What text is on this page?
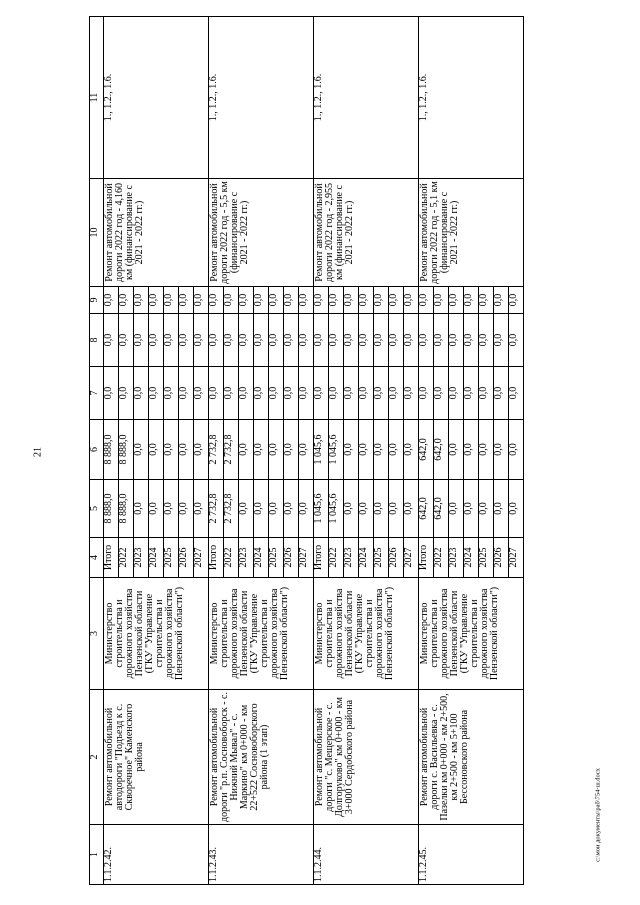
21
c:\мои документы\раб\754-ш.docx
1	2	3	4	5	6	7	8	9	10	11
1.1.2.42.	Ремонт автомобильной автодороги "Подъезд к с. Скворечное" Каменского района	Министерство строительства и дорожного хозяйства Пензенской области (ГКУ "Управление строительства и дорожного хозяйства Пензенской области")	Итого	8 888,0	8 888,0	0,0	0,0	0,0	Ремонт автомобильной дороги 2022 год - 4,160 км (финансирование с 2021 - 2022 гг.)	1., 1.2., 1.6.
			2022	8 888,0	8 888,0	0,0	0,0	0,0		
			2023	0,0	0,0	0,0	0,0	0,0		
			2024	0,0	0,0	0,0	0,0	0,0		
			2025	0,0	0,0	0,0	0,0	0,0		
			2026	0,0	0,0	0,0	0,0	0,0		
			2027	0,0	0,0	0,0	0,0	0,0		
1.1.2.43.	Ремонт автомобильной дороги "р.п. Сосновоборск - с. Нижний Мывал" - с. Маркино" км 0+000 - км 22+522 Сосновоборского района (1 этап)	Министерство строительства и дорожного хозяйства Пензенской области (ГКУ "Управление строительства и дорожного хозяйства Пензенской области")	Итого	2 732,8	2 732,8	0,0	0,0	0,0	Ремонт автомобильной дороги 2022 год - 5,5 км (финансирование с 2021 - 2022 гг.)	1., 1.2., 1.6.
			2022	2 732,8	2 732,8	0,0	0,0	0,0		
			2023	0,0	0,0	0,0	0,0	0,0		
			2024	0,0	0,0	0,0	0,0	0,0		
			2025	0,0	0,0	0,0	0,0	0,0		
			2026	0,0	0,0	0,0	0,0	0,0		
			2027	0,0	0,0	0,0	0,0	0,0		
1.1.2.44.	Ремонт автомобильной дороги "с. Мещерское - с. Долгоруково" км 0+000 - км 3+000 Сердобского района	Министерство строительства и дорожного хозяйства Пензенской области (ГКУ "Управление строительства и дорожного хозяйства Пензенской области")	Итого	1 045,6	1 045,6	0,0	0,0	0,0	Ремонт автомобильной дороги 2022 год - 2,955 км (финансирование с 2021 - 2022 гг.)	1., 1.2., 1.6.
			2022	1 045,6	1 045,6	0,0	0,0	0,0		
			2023	0,0	0,0	0,0	0,0	0,0		
			2024	0,0	0,0	0,0	0,0	0,0		
			2025	0,0	0,0	0,0	0,0	0,0		
			2026	0,0	0,0	0,0	0,0	0,0		
			2027	0,0	0,0	0,0	0,0	0,0		
1.1.2.45.	Ремонт автомобильной дороги с. Васильевка - с. Пазелки км 0+000 - км 2+500, км 2+500 - км 5+100 Бессоновского района	Министерство строительства и дорожного хозяйства Пензенской области (ГКУ "Управление строительства и дорожного хозяйства Пензенской области")	Итого	642,0	642,0	0,0	0,0	0,0	Ремонт автомобильной дороги 2022 год - 5,1 км (финансирование с 2021 - 2022 гг.)	1., 1.2., 1.6.
			2022	642,0	642,0	0,0	0,0	0,0		
			2023	0,0	0,0	0,0	0,0	0,0		
			2024	0,0	0,0	0,0	0,0	0,0		
			2025	0,0	0,0	0,0	0,0	0,0		
			2026	0,0	0,0	0,0	0,0	0,0		
			2027	0,0	0,0	0,0	0,0	0,0		
